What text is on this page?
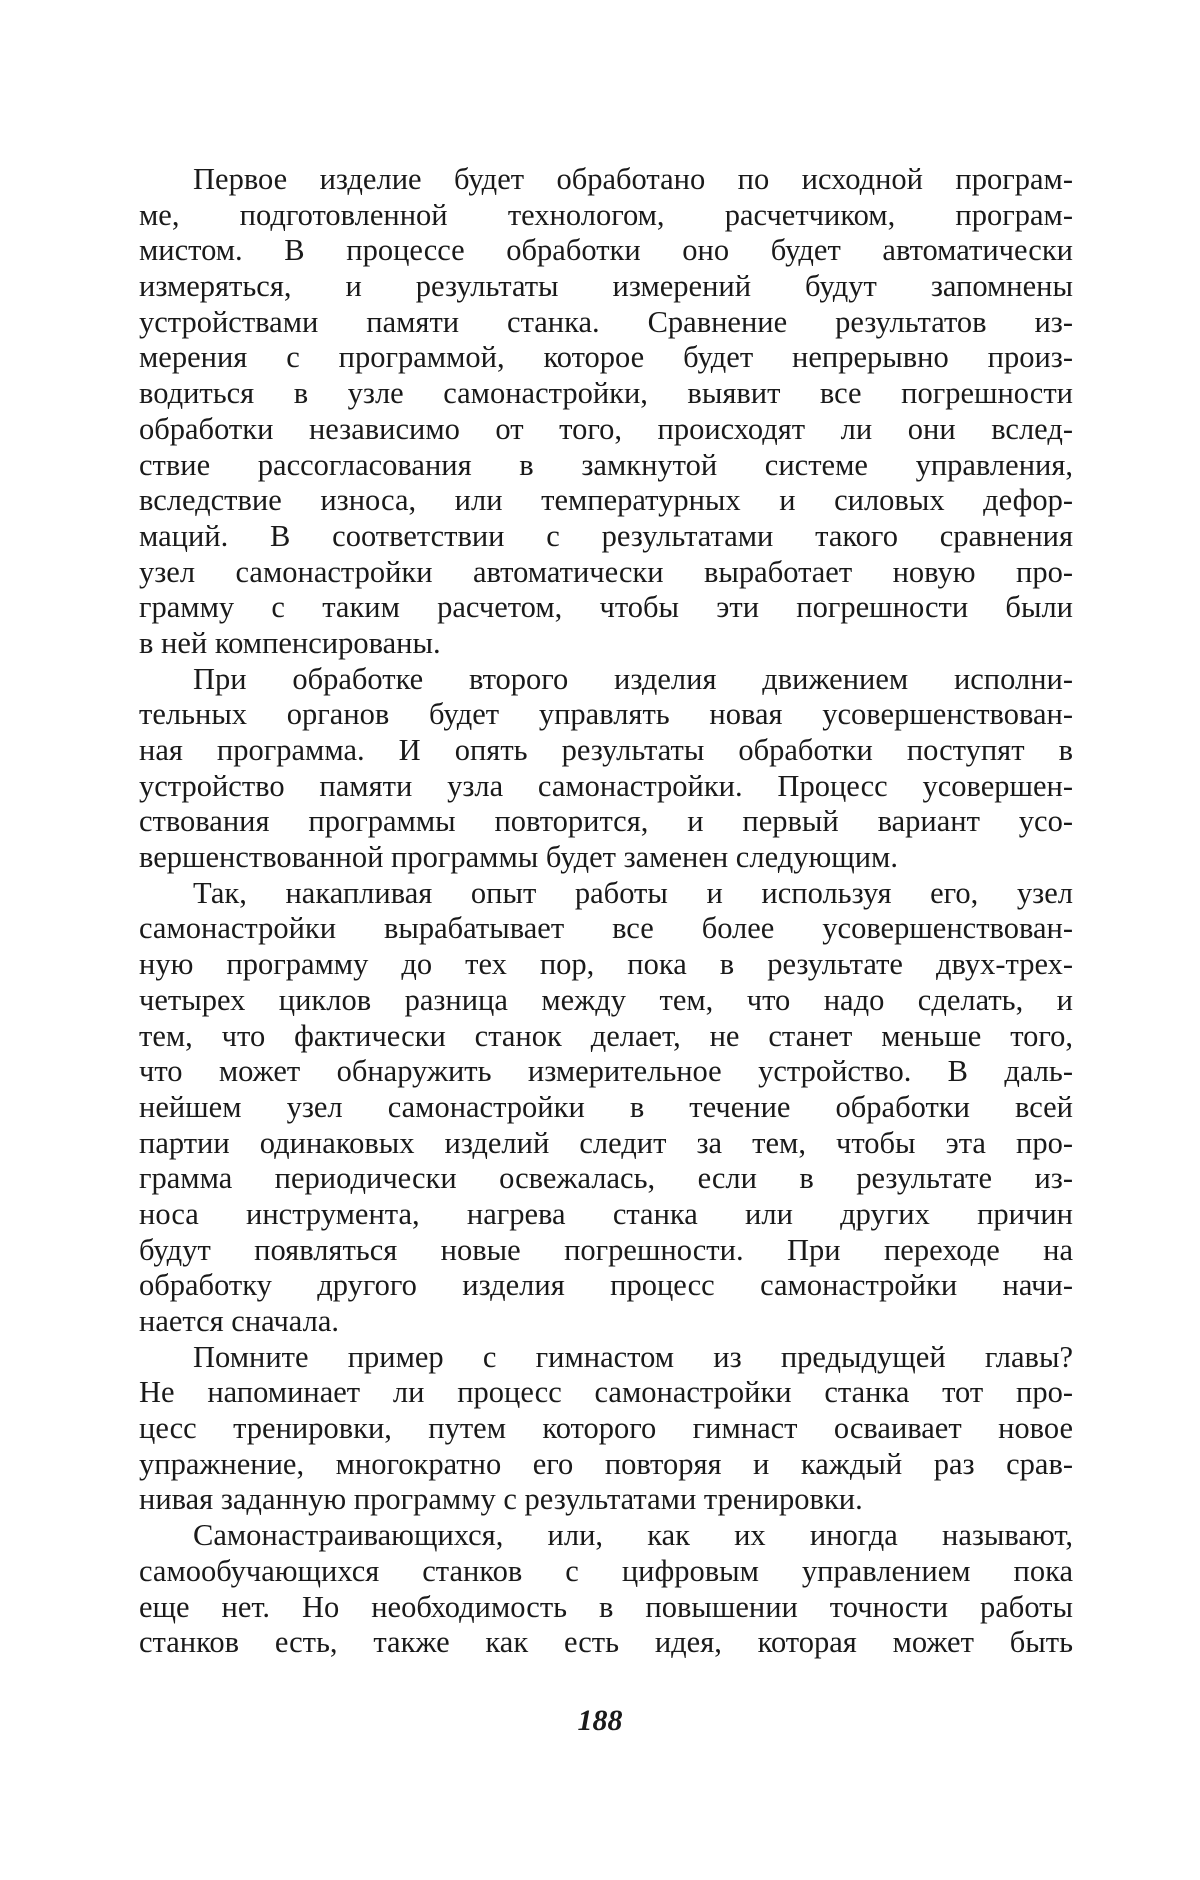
Первое изделие будет обработано по исходной програм-
ме, подготовленной технологом, расчетчиком, програм-
мистом. В процессе обработки оно будет автоматически
измеряться, и результаты измерений будут запомнены
устройствами памяти станка. Сравнение результатов из-
мерения с программой, которое будет непрерывно произ-
водиться в узле самонастройки, выявит все погрешности
обработки независимо от того, происходят ли они вслед-
ствие рассогласования в замкнутой системе управления,
вследствие износа, или температурных и силовых дефор-
маций. В соответствии с результатами такого сравнения
узел самонастройки автоматически выработает новую про-
грамму с таким расчетом, чтобы эти погрешности были
в ней компенсированы.
При обработке второго изделия движением исполни-
тельных органов будет управлять новая усовершенствован-
ная программа. И опять результаты обработки поступят в
устройство памяти узла самонастройки. Процесс усовершен-
ствования программы повторится, и первый вариант усо-
вершенствованной программы будет заменен следующим.
Так, накапливая опыт работы и используя его, узел
самонастройки вырабатывает все более усовершенствован-
ную программу до тех пор, пока в результате двух-трех-
четырех циклов разница между тем, что надо сделать, и
тем, что фактически станок делает, не станет меньше того,
что может обнаружить измерительное устройство. В даль-
нейшем узел самонастройки в течение обработки всей
партии одинаковых изделий следит за тем, чтобы эта про-
грамма периодически освежалась, если в результате из-
носа инструмента, нагрева станка или других причин
будут появляться новые погрешности. При переходе на
обработку другого изделия процесс самонастройки начи-
нается сначала.
Помните пример с гимнастом из предыдущей главы?
Не напоминает ли процесс самонастройки станка тот про-
цесс тренировки, путем которого гимнаст осваивает новое
упражнение, многократно его повторяя и каждый раз срав-
нивая заданную программу с результатами тренировки.
Самонастраивающихся, или, как их иногда называют,
самообучающихся станков с цифровым управлением пока
еще нет. Но необходимость в повышении точности работы
станков есть, также как есть идея, которая может быть
188
